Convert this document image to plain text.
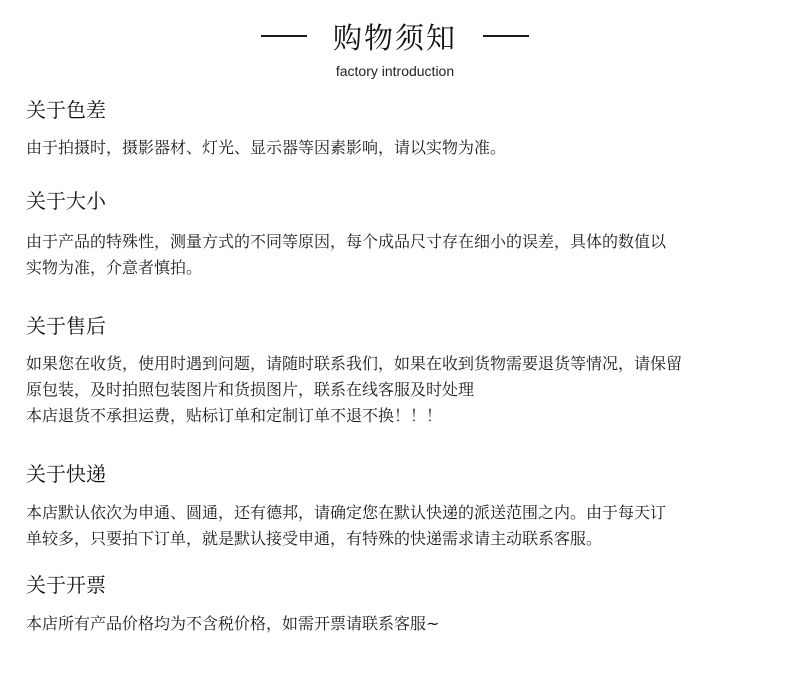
购物须知
factory introduction
关于色差

由于拍摄时，摄影器材、灯光、显示器等因素影响，请以实物为准。

关于大小

由于产品的特殊性，测量方式的不同等原因，每个成品尺寸存在细小的误差，具体的数值以

实物为准，介意者慎拍。

关于售后

如果您在收货，使用时遇到问题，请随时联系我们，如果在收到货物需要退货等情况，请保留

原包装，及时拍照包装图片和货损图片，联系在线客服及时处理

本店退货不承担运费，贴标订单和定制订单不退不换！！！

关于快递

本店默认依次为申通、圆通，还有德邦，请确定您在默认快递的派送范围之内。由于每天订

单较多，只要拍下订单，就是默认接受申通，有特殊的快递需求请主动联系客服。

关于开票

本店所有产品价格均为不含税价格，如需开票请联系客服~
